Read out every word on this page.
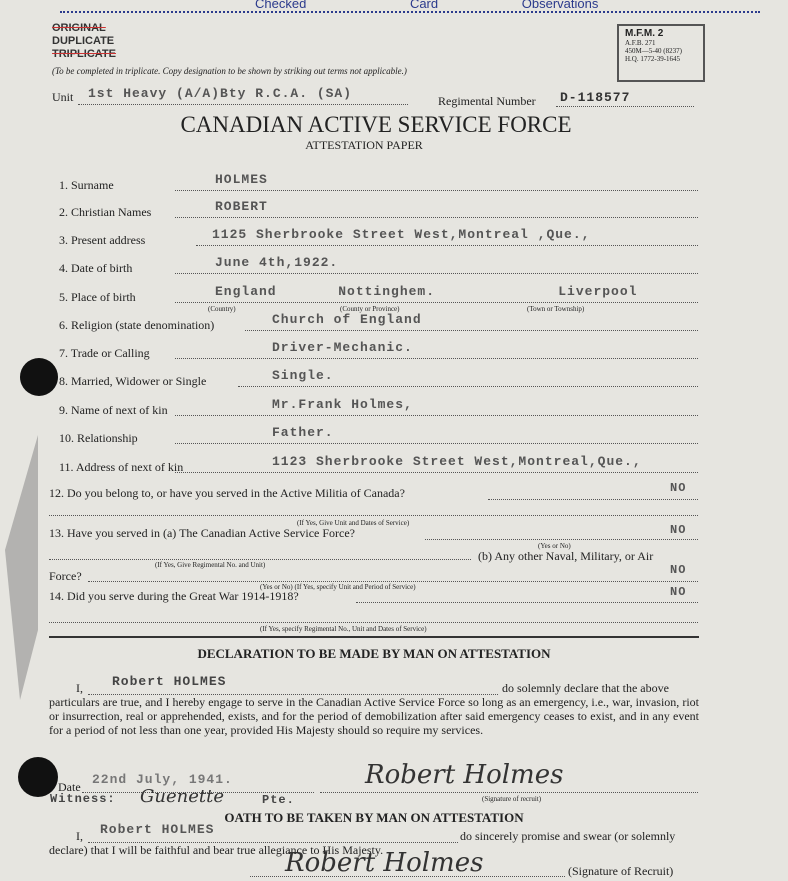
Checked	Card	Observations
ORIGINAL
DUPLICATE
TRIPLICATE
(To be completed in triplicate. Copy designation to be shown by striking out terms not applicable.)
M.F.M. 2
A.F.B. 271
450M—5-40 (8237)
H.Q. 1772-39-1645
Unit 1st Heavy (A/A)Bty R.C.A. (SA)	Regimental Number D-118577
CANADIAN ACTIVE SERVICE FORCE
ATTESTATION PAPER
1. Surname	HOLMES
2. Christian Names	ROBERT
3. Present address	1125 Sherbrooke Street West,Montreal ,Que.,
4. Date of birth	June 4th,1922.
5. Place of birth	England       Nottinghem.              Liverpool
6. Religion (state denomination)	Church of England
7. Trade or Calling	Driver-Mechanic.
8. Married, Widower or Single	Single.
9. Name of next of kin	Mr.Frank Holmes,
10. Relationship	Father.
11. Address of next of kin	1123 Sherbrooke Street West,Montreal,Que.,
(Country)	(County or Province)	(Town or Township)
12. Do you belong to, or have you served in the Active Militia of Canada?	NO
(If Yes, Give Unit and Dates of Service)
13. Have you served in (a) The Canadian Active Service Force?	NO
(Yes or No)
(b) Any other Naval, Military, or Air
(If Yes, Give Regimental No. and Unit)
Force?	NO
(Yes or No) (If Yes, specify Unit and Period of Service)
14. Did you serve during the Great War 1914-1918?	NO
(If Yes, specify Regimental No., Unit and Dates of Service)
DECLARATION TO BE MADE BY MAN ON ATTESTATION
I, Robert HOLMES	do solemnly declare that the above
particulars are true, and I hereby engage to serve in the Canadian Active Service Force so long as an emergency, i.e., war, invasion, riot or insurrection, real or apprehended, exists, and for the period of demobilization after said emergency ceases to exist, and in any event for a period of not less than one year, provided His Majesty should so require my services.
Date 22nd July, 1941.	Robert Holmes
(Signature of recruit)
Witness: Guenette	Pte.
OATH TO BE TAKEN BY MAN ON ATTESTATION
I, Robert HOLMES	do sincerely promise and swear (or solemnly
declare) that I will be faithful and bear true allegiance to His Majesty.
Robert Holmes	(Signature of Recruit)
